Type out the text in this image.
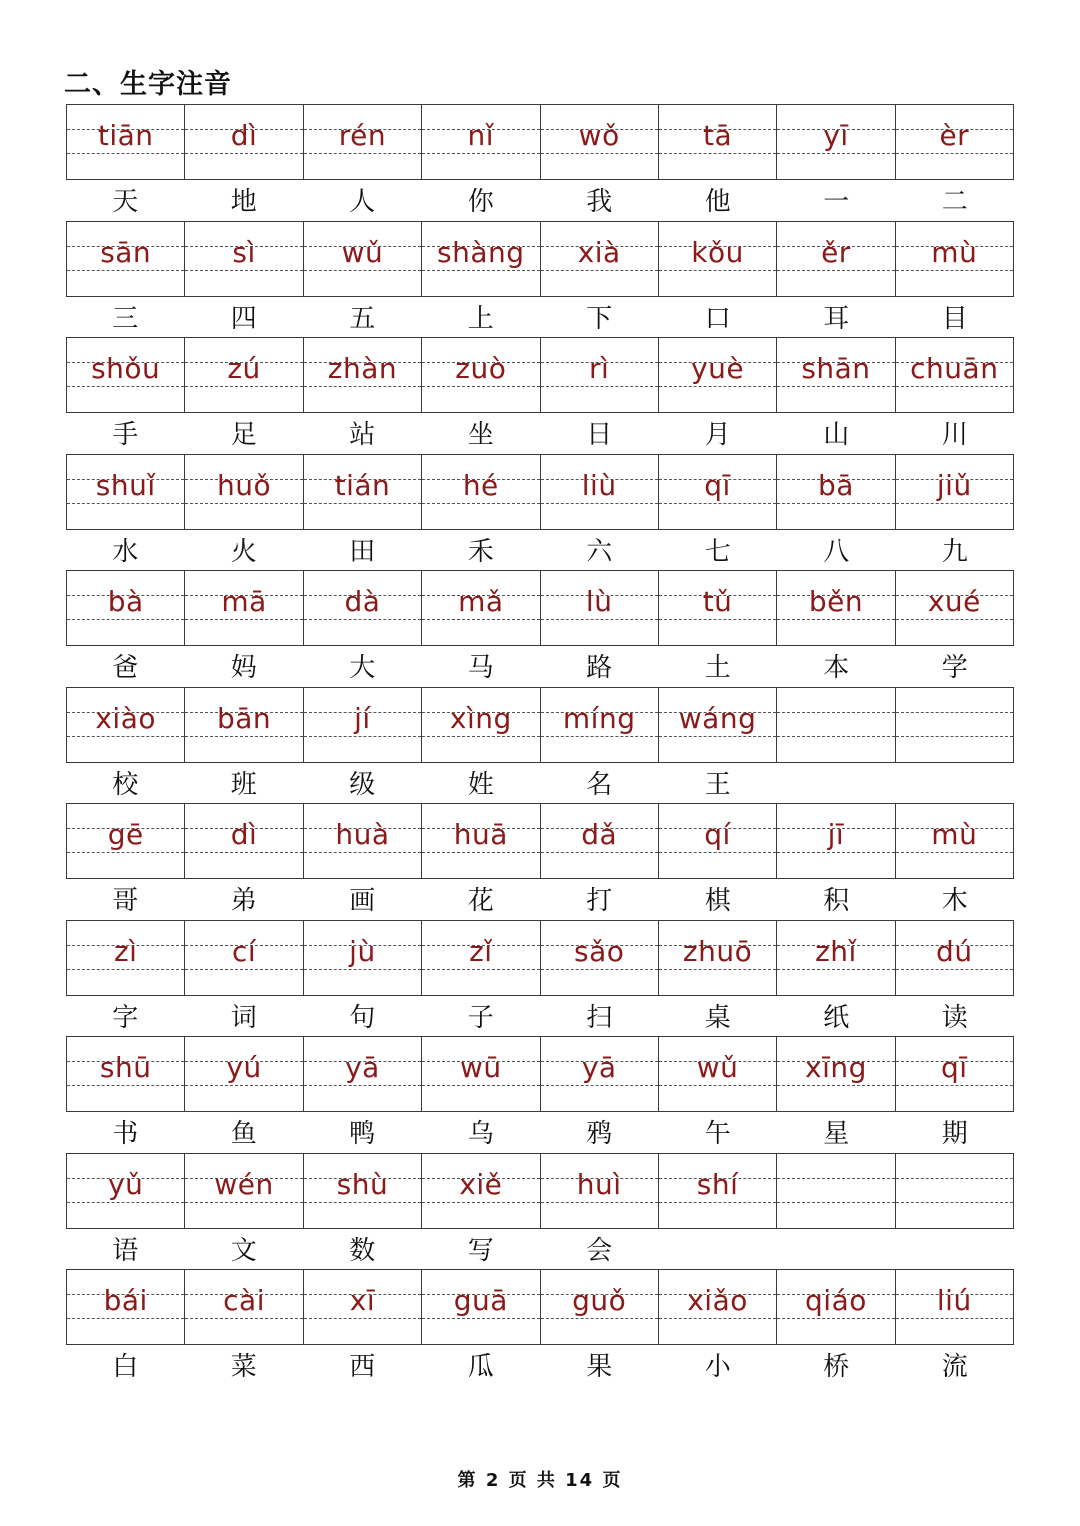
二、生字注音
tiān	dì	rén	nǐ	wǒ	tā	yī	èr
天	地	人	你	我	他	一	二
sān	sì	wǔ	shàng	xià	kǒu	ěr	mù
三	四	五	上	下	口	耳	目
shǒu	zú	zhàn	zuò	rì	yuè	shān	chuān
手	足	站	坐	日	月	山	川
shuǐ	huǒ	tián	hé	liù	qī	bā	jiǔ
水	火	田	禾	六	七	八	九
bà	mā	dà	mǎ	lù	tǔ	běn	xué
爸	妈	大	马	路	土	本	学
xiào	bān	jí	xìng	míng	wáng
校	班	级	姓	名	王
gē	dì	huà	huā	dǎ	qí	jī	mù
哥	弟	画	花	打	棋	积	木
zì	cí	jù	zǐ	sǎo	zhuō	zhǐ	dú
字	词	句	子	扫	桌	纸	读
shū	yú	yā	wū	yā	wǔ	xīng	qī
书	鱼	鸭	乌	鸦	午	星	期
yǔ	wén	shù	xiě	huì	shí
语	文	数	写	会
bái	cài	xī	guā	guǒ	xiǎo	qiáo	liú
白	菜	西	瓜	果	小	桥	流
第 2 页 共 14 页
